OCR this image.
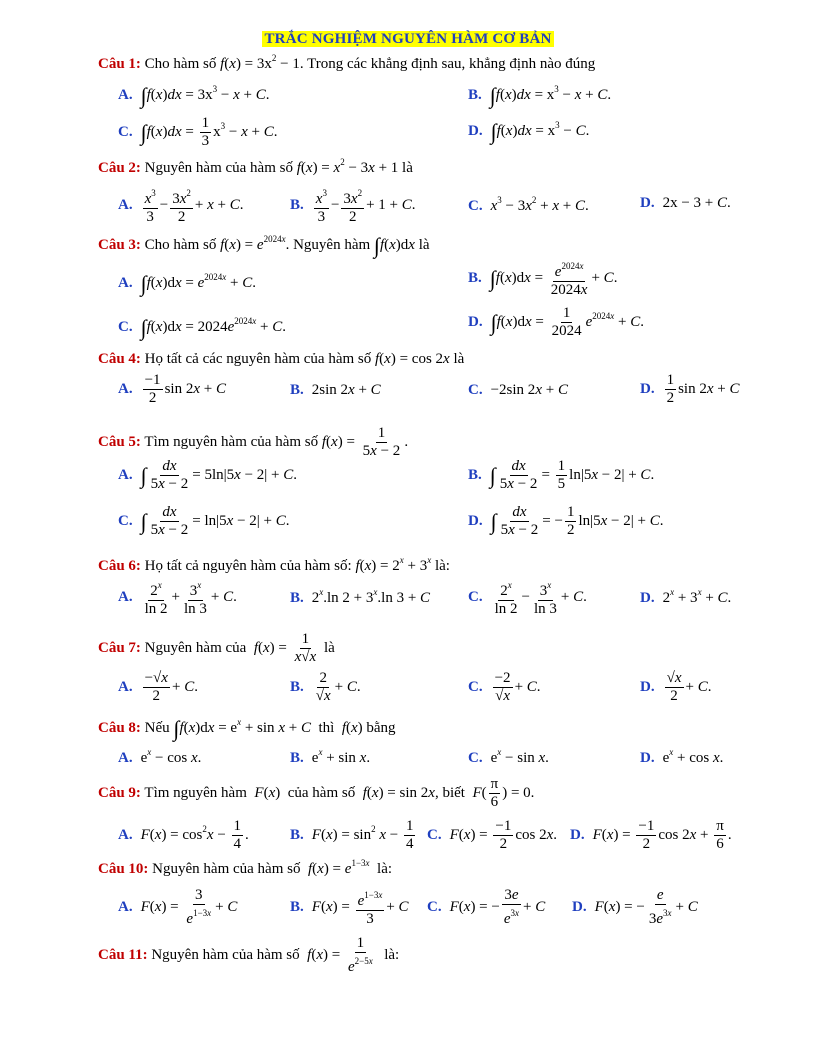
TRẮC NGHIỆM NGUYÊN HÀM CƠ BẢN
Câu 1: Cho hàm số $f(x) = 3x^2 - 1$. Trong các khẳng định sau, khẳng định nào đúng
A. $\int f(x)dx = 3x^3 - x + C$.	B. $\int f(x)dx = x^3 - x + C$.
C. $\int f(x)dx = \frac{1}{3} x^3 - x + C$.	D. $\int f(x)dx = x^3 - C$.
Câu 2: Nguyên hàm của hàm số $f(x) = x^2 - 3x + 1$ là
A. $\frac{x^3}{3} - \frac{3x^2}{2} + x + C$.	B. $\frac{x^3}{3} - \frac{3x^2}{2} + 1 + C$.	C. $x^3 - 3x^2 + x + C$.	D. 2x − 3 + C.
Câu 3: Cho hàm số $f(x) = e^{2024x}$. Nguyên hàm ∫f(x)dx là
A. $\int f(x)dx = e^{2024x} + C$.	B. $\int f(x)dx = \frac{e^{2024x}}{2024x} + C$.
C. $\int f(x)dx = 2024e^{2024x} + C$.	D. $\int f(x)dx = \frac{1}{2024} e^{2024x} + C$.
Câu 4: Họ tất cả các nguyên hàm của hàm số f(x) = cos 2x là
A. $\frac{-1}{2}$ sin 2x + C	B. 2sin 2x + C	C. −2sin 2x + C	D. $\frac{1}{2}$ sin 2x + C
Câu 5: Tìm nguyên hàm của hàm số $f(x) = \frac{1}{5x - 2}$ .
A. ∫ $\frac{dx}{5x - 2} = 5\ln|5x - 2| + C$.	B. ∫ $\frac{dx}{5x - 2} = \frac{1}{5} \ln|5x - 2| + C$.
C. ∫ $\frac{dx}{5x - 2} = \ln|5x - 2| + C$.	D. ∫ $\frac{dx}{5x - 2}$ = − $\frac{1}{2} \ln|5x - 2| + C$.
Câu 6: Họ tất cả nguyên hàm của hàm số: $f(x) = 2^x + 3^x$ là:
A. $\frac{2^x}{\ln 2} + \frac{3^x}{\ln 3} + C$.	B. 2$^x$.ln $2 + 3^x.\ln$ 3 + C	C. $\frac{2^x}{\ln 2} - \frac{3^x}{\ln 3} + C$.	D. $2^x + 3^x + C$.
Câu 7: Nguyên hàm của  $f(x) = \frac{1}{x√x}$ là
A. $\frac{-√x}{2} + C$.	B. $\frac{2}{√x} + C$.	C. $\frac{-2}{√x} + C$.	D. $\frac{√x}{2} + C$.
Câu 8: Nếu $\int f(x)dx = e^x + \sin x + C$  thì  f(x) bằng
A. $e^x - \cos x$.	B. $e^x + \sin x$.	C. $e^x - \sin x$.	D. $e^x + \cos x$.
Câu 9: Tìm nguyên hàm  F(x)  của hàm số  f(x) = sin 2x, biết  $F( \frac{\pi}{6}$ ) = 0.
A. $F(x) = \cos^2x - \frac{1}{4}$ .	B. $F(x) = \sin^2 x - \frac{1}{4} C$. $F(x) = \frac{-1}{2}$ cos 2x. D. $F(x) = \frac{-1}{2}$ $\cos 2x + \frac{\pi}{6}$ .
Câu 10: Nguyên hàm của hàm số  $f(x) = e^{1-3x}$  là:
A. $F(x) = \frac{3}{e^{1-3x}} + C$	B. $F(x) = \frac{e^{1-3x}}{3} + C$ C. F(x) = − $\frac{3e}{e^{3x}} + C$ D. F(x) = − $\frac{e}{3e^{3x}} + C$
Câu 11: Nguyên hàm của hàm số  $f(x) = \frac{1}{e^{2-5x}}$ là:
